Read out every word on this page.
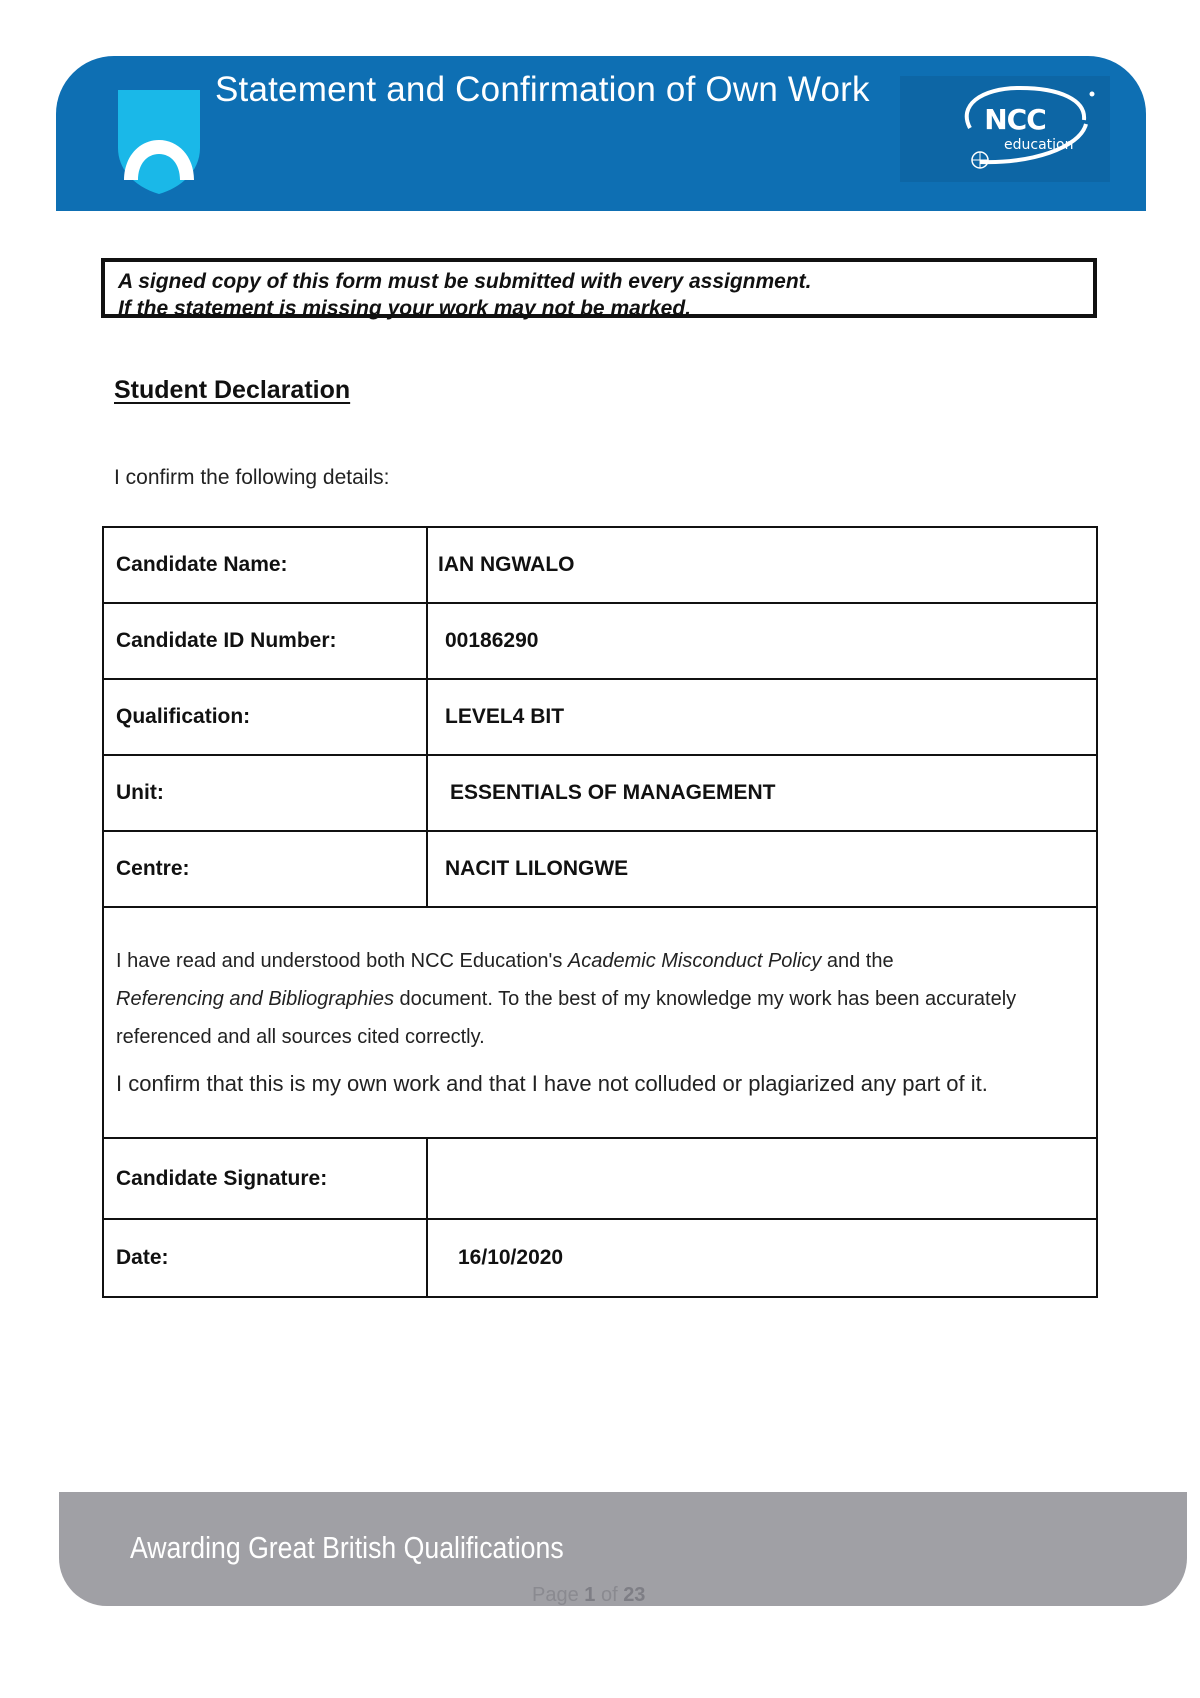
Statement and Confirmation of Own Work
NCC
education
A signed copy of this form must be submitted with every assignment.
If the statement is missing your work may not be marked.
Student Declaration
I confirm the following details:
Candidate Name:	IAN NGWALO
Candidate ID Number:	00186290
Qualification:	LEVEL4 BIT
Unit:	ESSENTIALS OF MANAGEMENT
Centre:	NACIT LILONGWE

I have read and understood both NCC Education's Academic Misconduct Policy and the
Referencing and Bibliographies document. To the best of my knowledge my work has been accurately referenced and all sources cited correctly.

I confirm that this is my own work and that I have not colluded or plagiarized any part of it.

Candidate Signature:
Date:	16/10/2020
Awarding Great British Qualifications
Page 1 of 23
